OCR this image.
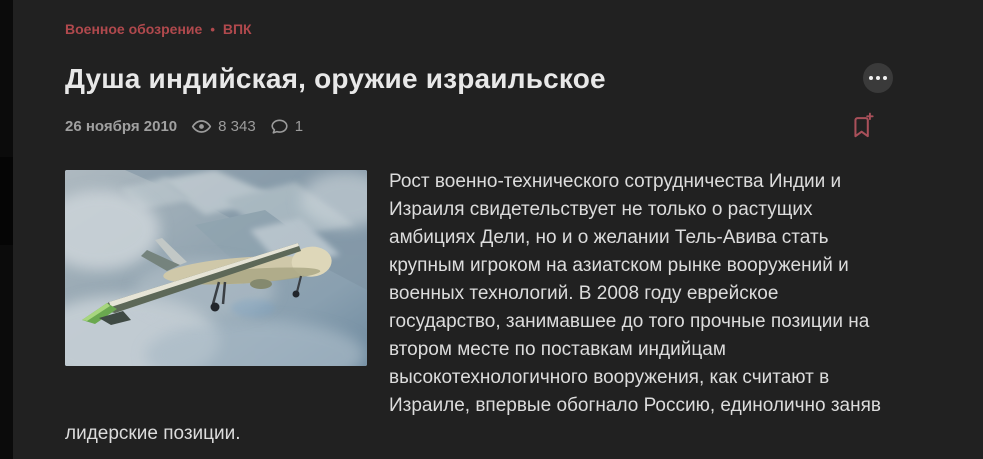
Военное обозрение • ВПК
Душа индийская, оружие израильское
26 ноября 2010	8 343	1

Рост военно-технического сотрудничества Индии и Израиля свидетельствует не только о растущих амбициях Дели, но и о желании Тель-Авива стать крупным игроком на азиатском рынке вооружений и военных технологий. В 2008 году еврейское государство, занимавшее до того прочные позиции на втором месте по поставкам индийцам высокотехнологичного вооружения, как считают в Израиле, впервые обогнало Россию, единолично заняв лидерские позиции.
